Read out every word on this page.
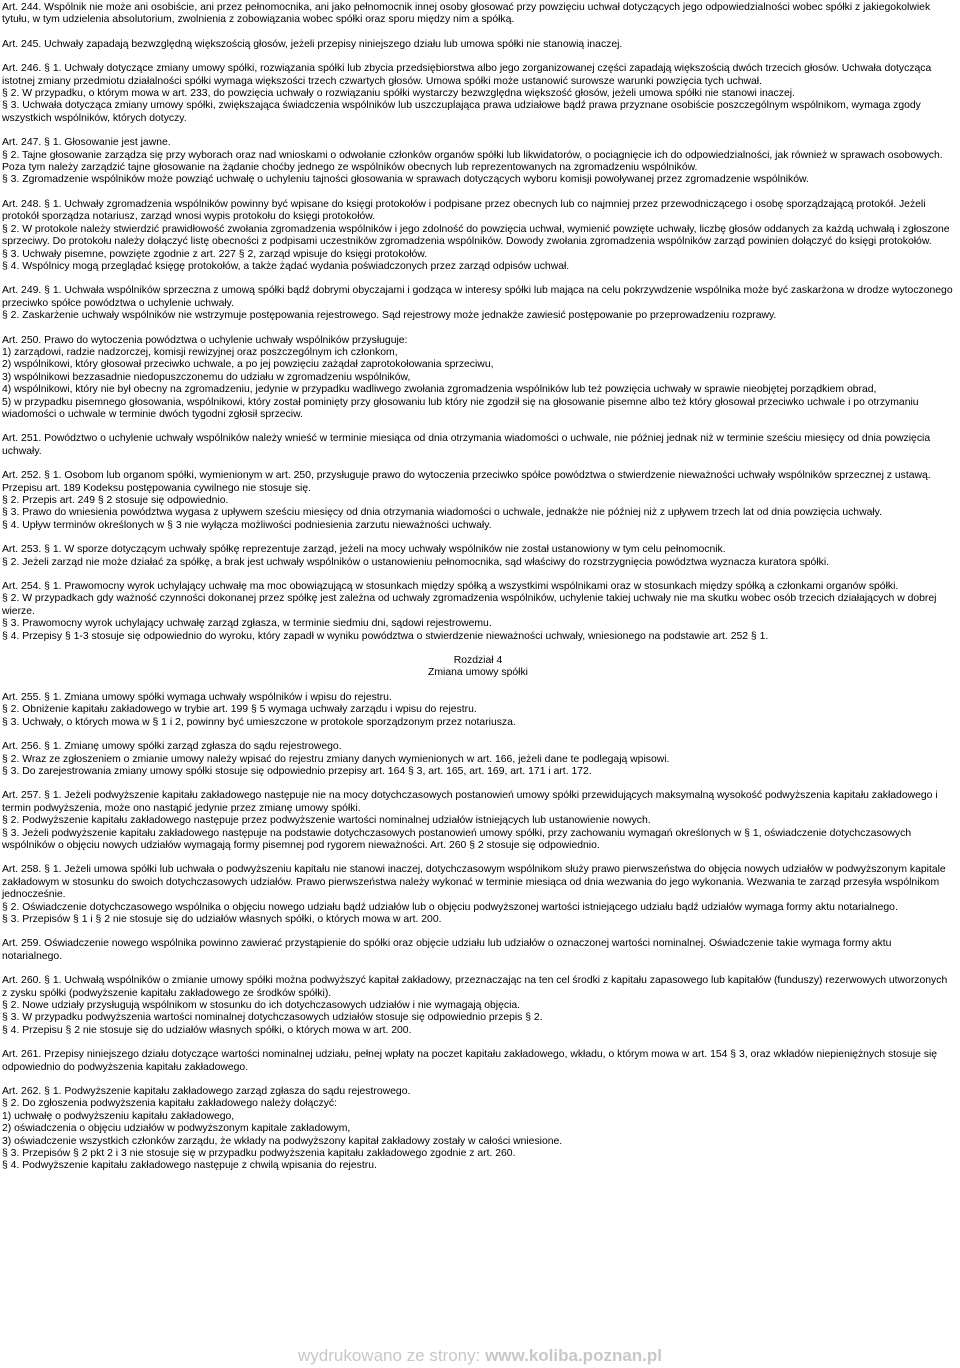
Art. 244. Wspólnik nie może ani osobiście, ani przez pełnomocnika, ani jako pełnomocnik innej osoby głosować przy powzięciu uchwał dotyczących jego odpowiedzialności wobec spółki z jakiegokolwiek tytułu, w tym udzielenia absolutorium, zwolnienia z zobowiązania wobec spółki oraz sporu między nim a spółką.
Art. 245. Uchwały zapadają bezwzględną większością głosów, jeżeli przepisy niniejszego działu lub umowa spółki nie stanowią inaczej.
Art. 246. § 1. Uchwały dotyczące zmiany umowy spółki, rozwiązania spółki lub zbycia przedsiębiorstwa albo jego zorganizowanej części zapadają większością dwóch trzecich głosów. Uchwała dotycząca istotnej zmiany przedmiotu działalności spółki wymaga większości trzech czwartych głosów. Umowa spółki może ustanowić surowsze warunki powzięcia tych uchwał.
§ 2. W przypadku, o którym mowa w art. 233, do powzięcia uchwały o rozwiązaniu spółki wystarczy bezwzględna większość głosów, jeżeli umowa spółki nie stanowi inaczej.
§ 3. Uchwała dotycząca zmiany umowy spółki, zwiększająca świadczenia wspólników lub uszczuplająca prawa udziałowe bądź prawa przyznane osobiście poszczególnym wspólnikom, wymaga zgody wszystkich wspólników, których dotyczy.
Art. 247. § 1. Głosowanie jest jawne.
§ 2. Tajne głosowanie zarządza się przy wyborach oraz nad wnioskami o odwołanie członków organów spółki lub likwidatorów, o pociągnięcie ich do odpowiedzialności, jak również w sprawach osobowych. Poza tym należy zarządzić tajne głosowanie na żądanie choćby jednego ze wspólników obecnych lub reprezentowanych na zgromadzeniu wspólników.
§ 3. Zgromadzenie wspólników może powziąć uchwałę o uchyleniu tajności głosowania w sprawach dotyczących wyboru komisji powoływanej przez zgromadzenie wspólników.
Art. 248. § 1. Uchwały zgromadzenia wspólników powinny być wpisane do księgi protokołów i podpisane przez obecnych lub co najmniej przez przewodniczącego i osobę sporządzającą protokół. Jeżeli protokół sporządza notariusz, zarząd wnosi wypis protokołu do księgi protokołów.
§ 2. W protokole należy stwierdzić prawidłowość zwołania zgromadzenia wspólników i jego zdolność do powzięcia uchwał, wymienić powzięte uchwały, liczbę głosów oddanych za każdą uchwałą i zgłoszone sprzeciwy. Do protokołu należy dołączyć listę obecności z podpisami uczestników zgromadzenia wspólników. Dowody zwołania zgromadzenia wspólników zarząd powinien dołączyć do księgi protokołów.
§ 3. Uchwały pisemne, powzięte zgodnie z art. 227 § 2, zarząd wpisuje do księgi protokołów.
§ 4. Wspólnicy mogą przeglądać księgę protokołów, a także żądać wydania poświadczonych przez zarząd odpisów uchwał.
Art. 249. § 1. Uchwała wspólników sprzeczna z umową spółki bądź dobrymi obyczajami i godząca w interesy spółki lub mająca na celu pokrzywdzenie wspólnika może być zaskarżona w drodze wytoczonego przeciwko spółce powództwa o uchylenie uchwały.
§ 2. Zaskarżenie uchwały wspólników nie wstrzymuje postępowania rejestrowego. Sąd rejestrowy może jednakże zawiesić postępowanie po przeprowadzeniu rozprawy.
Art. 250. Prawo do wytoczenia powództwa o uchylenie uchwały wspólników przysługuje:
1) zarządowi, radzie nadzorczej, komisji rewizyjnej oraz poszczególnym ich członkom,
2) wspólnikowi, który głosował przeciwko uchwale, a po jej powzięciu zażądał zaprotokołowania sprzeciwu,
3) wspólnikowi bezzasadnie niedopuszczonemu do udziału w zgromadzeniu wspólników,
4) wspólnikowi, który nie był obecny na zgromadzeniu, jedynie w przypadku wadliwego zwołania zgromadzenia wspólników lub też powzięcia uchwały w sprawie nieobjętej porządkiem obrad,
5) w przypadku pisemnego głosowania, wspólnikowi, który został pominięty przy głosowaniu lub który nie zgodził się na głosowanie pisemne albo też który głosował przeciwko uchwale i po otrzymaniu wiadomości o uchwale w terminie dwóch tygodni zgłosił sprzeciw.
Art. 251. Powództwo o uchylenie uchwały wspólników należy wnieść w terminie miesiąca od dnia otrzymania wiadomości o uchwale, nie później jednak niż w terminie sześciu miesięcy od dnia powzięcia uchwały.
Art. 252. § 1. Osobom lub organom spółki, wymienionym w art. 250, przysługuje prawo do wytoczenia przeciwko spółce powództwa o stwierdzenie nieważności uchwały wspólników sprzecznej z ustawą. Przepisu art. 189 Kodeksu postępowania cywilnego nie stosuje się.
§ 2. Przepis art. 249 § 2 stosuje się odpowiednio.
§ 3. Prawo do wniesienia powództwa wygasa z upływem sześciu miesięcy od dnia otrzymania wiadomości o uchwale, jednakże nie później niż z upływem trzech lat od dnia powzięcia uchwały.
§ 4. Upływ terminów określonych w § 3 nie wyłącza możliwości podniesienia zarzutu nieważności uchwały.
Art. 253. § 1. W sporze dotyczącym uchwały spółkę reprezentuje zarząd, jeżeli na mocy uchwały wspólników nie został ustanowiony w tym celu pełnomocnik.
§ 2. Jeżeli zarząd nie może działać za spółkę, a brak jest uchwały wspólników o ustanowieniu pełnomocnika, sąd właściwy do rozstrzygnięcia powództwa wyznacza kuratora spółki.
Art. 254. § 1. Prawomocny wyrok uchylający uchwałę ma moc obowiązującą w stosunkach między spółką a wszystkimi wspólnikami oraz w stosunkach między spółką a członkami organów spółki.
§ 2. W przypadkach gdy ważność czynności dokonanej przez spółkę jest zależna od uchwały zgromadzenia wspólników, uchylenie takiej uchwały nie ma skutku wobec osób trzecich działających w dobrej wierze.
§ 3. Prawomocny wyrok uchylający uchwałę zarząd zgłasza, w terminie siedmiu dni, sądowi rejestrowemu.
§ 4. Przepisy § 1-3 stosuje się odpowiednio do wyroku, który zapadł w wyniku powództwa o stwierdzenie nieważności uchwały, wniesionego na podstawie art. 252 § 1.
Rozdział 4
Zmiana umowy spółki
Art. 255. § 1. Zmiana umowy spółki wymaga uchwały wspólników i wpisu do rejestru.
§ 2. Obniżenie kapitału zakładowego w trybie art. 199 § 5 wymaga uchwały zarządu i wpisu do rejestru.
§ 3. Uchwały, o których mowa w § 1 i 2, powinny być umieszczone w protokole sporządzonym przez notariusza.
Art. 256. § 1. Zmianę umowy spółki zarząd zgłasza do sądu rejestrowego.
§ 2. Wraz ze zgłoszeniem o zmianie umowy należy wpisać do rejestru zmiany danych wymienionych w art. 166, jeżeli dane te podlegają wpisowi.
§ 3. Do zarejestrowania zmiany umowy spółki stosuje się odpowiednio przepisy art. 164 § 3, art. 165, art. 169, art. 171 i art. 172.
Art. 257. § 1. Jeżeli podwyższenie kapitału zakładowego następuje nie na mocy dotychczasowych postanowień umowy spółki przewidujących maksymalną wysokość podwyższenia kapitału zakładowego i termin podwyższenia, może ono nastąpić jedynie przez zmianę umowy spółki.
§ 2. Podwyższenie kapitału zakładowego następuje przez podwyższenie wartości nominalnej udziałów istniejących lub ustanowienie nowych.
§ 3. Jeżeli podwyższenie kapitału zakładowego następuje na podstawie dotychczasowych postanowień umowy spółki, przy zachowaniu wymagań określonych w § 1, oświadczenie dotychczasowych wspólników o objęciu nowych udziałów wymagają formy pisemnej pod rygorem nieważności. Art. 260 § 2 stosuje się odpowiednio.
Art. 258. § 1. Jeżeli umowa spółki lub uchwała o podwyższeniu kapitału nie stanowi inaczej, dotychczasowym wspólnikom służy prawo pierwszeństwa do objęcia nowych udziałów w podwyższonym kapitale zakładowym w stosunku do swoich dotychczasowych udziałów. Prawo pierwszeństwa należy wykonać w terminie miesiąca od dnia wezwania do jego wykonania. Wezwania te zarząd przesyła wspólnikom jednocześnie.
§ 2. Oświadczenie dotychczasowego wspólnika o objęciu nowego udziału bądź udziałów lub o objęciu podwyższonej wartości istniejącego udziału bądź udziałów wymaga formy aktu notarialnego.
§ 3. Przepisów § 1 i § 2 nie stosuje się do udziałów własnych spółki, o których mowa w art. 200.
Art. 259. Oświadczenie nowego wspólnika powinno zawierać przystąpienie do spółki oraz objęcie udziału lub udziałów o oznaczonej wartości nominalnej. Oświadczenie takie wymaga formy aktu notarialnego.
Art. 260. § 1. Uchwałą wspólników o zmianie umowy spółki można podwyższyć kapitał zakładowy, przeznaczając na ten cel środki z kapitału zapasowego lub kapitałów (funduszy) rezerwowych utworzonych z zysku spółki (podwyższenie kapitału zakładowego ze środków spółki).
§ 2. Nowe udziały przysługują wspólnikom w stosunku do ich dotychczasowych udziałów i nie wymagają objęcia.
§ 3. W przypadku podwyższenia wartości nominalnej dotychczasowych udziałów stosuje się odpowiednio przepis § 2.
§ 4. Przepisu § 2 nie stosuje się do udziałów własnych spółki, o których mowa w art. 200.
Art. 261. Przepisy niniejszego działu dotyczące wartości nominalnej udziału, pełnej wpłaty na poczet kapitału zakładowego, wkładu, o którym mowa w art. 154 § 3, oraz wkładów niepieniężnych stosuje się odpowiednio do podwyższenia kapitału zakładowego.
Art. 262. § 1. Podwyższenie kapitału zakładowego zarząd zgłasza do sądu rejestrowego.
§ 2. Do zgłoszenia podwyższenia kapitału zakładowego należy dołączyć:
1) uchwałę o podwyższeniu kapitału zakładowego,
2) oświadczenia o objęciu udziałów w podwyższonym kapitale zakładowym,
3) oświadczenie wszystkich członków zarządu, że wkłady na podwyższony kapitał zakładowy zostały w całości wniesione.
§ 3. Przepisów § 2 pkt 2 i 3 nie stosuje się w przypadku podwyższenia kapitału zakładowego zgodnie z art. 260.
§ 4. Podwyższenie kapitału zakładowego następuje z chwilą wpisania do rejestru.
wydrukowano ze strony: www.koliba.poznan.pl
